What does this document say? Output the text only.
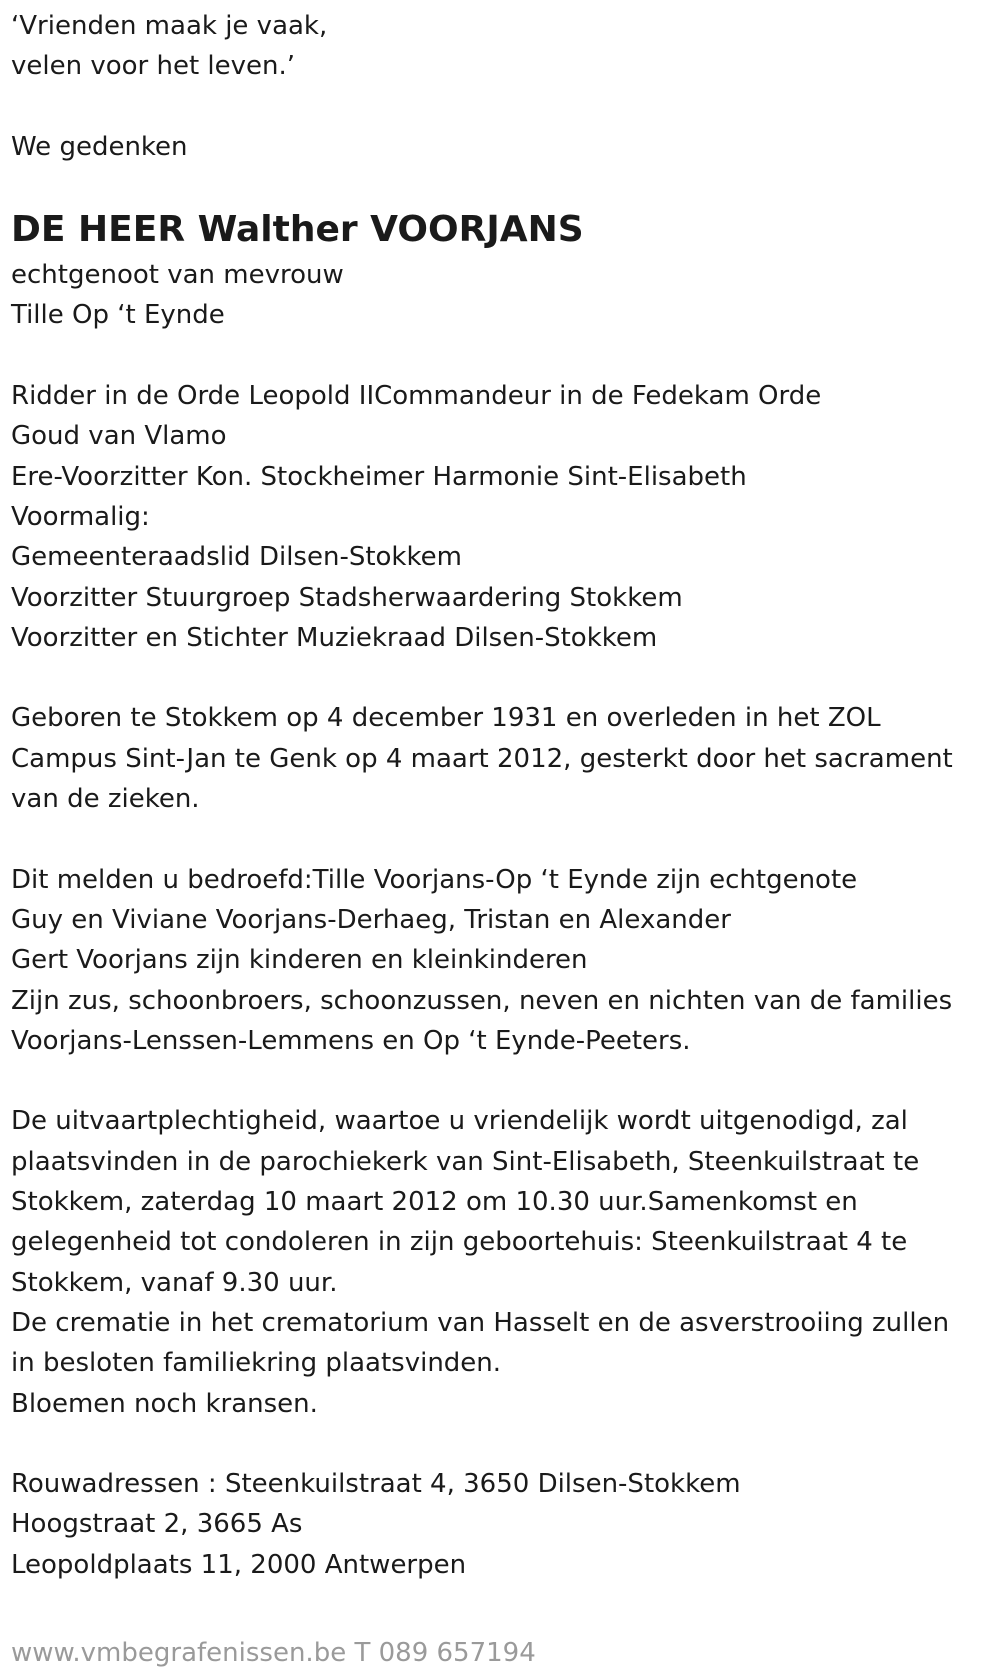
‘Vrienden maak je vaak,
velen voor het leven.’
We gedenken
DE HEER Walther VOORJANS
echtgenoot van mevrouw
Tille Op ‘t Eynde
Ridder in de Orde Leopold IICommandeur in de Fedekam Orde
Goud van Vlamo
Ere-Voorzitter Kon. Stockheimer Harmonie Sint-Elisabeth
Voormalig:
Gemeenteraadslid Dilsen-Stokkem
Voorzitter Stuurgroep Stadsherwaardering Stokkem
Voorzitter en Stichter Muziekraad Dilsen-Stokkem
Geboren te Stokkem op 4 december 1931 en overleden in het ZOL
Campus Sint-Jan te Genk op 4 maart 2012, gesterkt door het sacrament
van de zieken.
Dit melden u bedroefd:Tille Voorjans-Op ‘t Eynde zijn echtgenote
Guy en Viviane Voorjans-Derhaeg, Tristan en Alexander
Gert Voorjans zijn kinderen en kleinkinderen
Zijn zus, schoonbroers, schoonzussen, neven en nichten van de families
Voorjans-Lenssen-Lemmens en Op ‘t Eynde-Peeters.
De uitvaartplechtigheid, waartoe u vriendelijk wordt uitgenodigd, zal
plaatsvinden in de parochiekerk van Sint-Elisabeth, Steenkuilstraat te
Stokkem, zaterdag 10 maart 2012 om 10.30 uur.Samenkomst en
gelegenheid tot condoleren in zijn geboortehuis: Steenkuilstraat 4 te
Stokkem, vanaf 9.30 uur.
De crematie in het crematorium van Hasselt en de asverstrooiing zullen
in besloten familiekring plaatsvinden.
Bloemen noch kransen.
Rouwadressen : Steenkuilstraat 4, 3650 Dilsen-Stokkem
Hoogstraat 2, 3665 As
Leopoldplaats 11, 2000 Antwerpen
www.vmbegrafenissen.be T 089 657194
